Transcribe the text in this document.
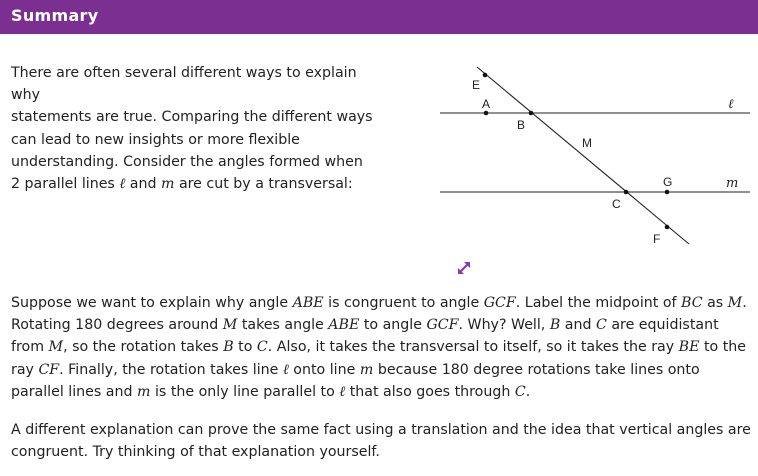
Summary
There are often several different ways to explain why
statements are true. Comparing the different ways
can lead to new insights or more flexible
understanding. Consider the angles formed when
2 parallel lines ℓ and m are cut by a transversal:
E
A
B
M
C
G
F
ℓ
m
Suppose we want to explain why angle ABE is congruent to angle GCF. Label the midpoint of BC as M. Rotating 180 degrees around M takes angle ABE to angle GCF. Why? Well, B and C are equidistant from M, so the rotation takes B to C. Also, it takes the transversal to itself, so it takes the ray BE to the ray CF. Finally, the rotation takes line ℓ onto line m because 180 degree rotations take lines onto parallel lines and m is the only line parallel to ℓ that also goes through C.
A different explanation can prove the same fact using a translation and the idea that vertical angles are congruent. Try thinking of that explanation yourself.
